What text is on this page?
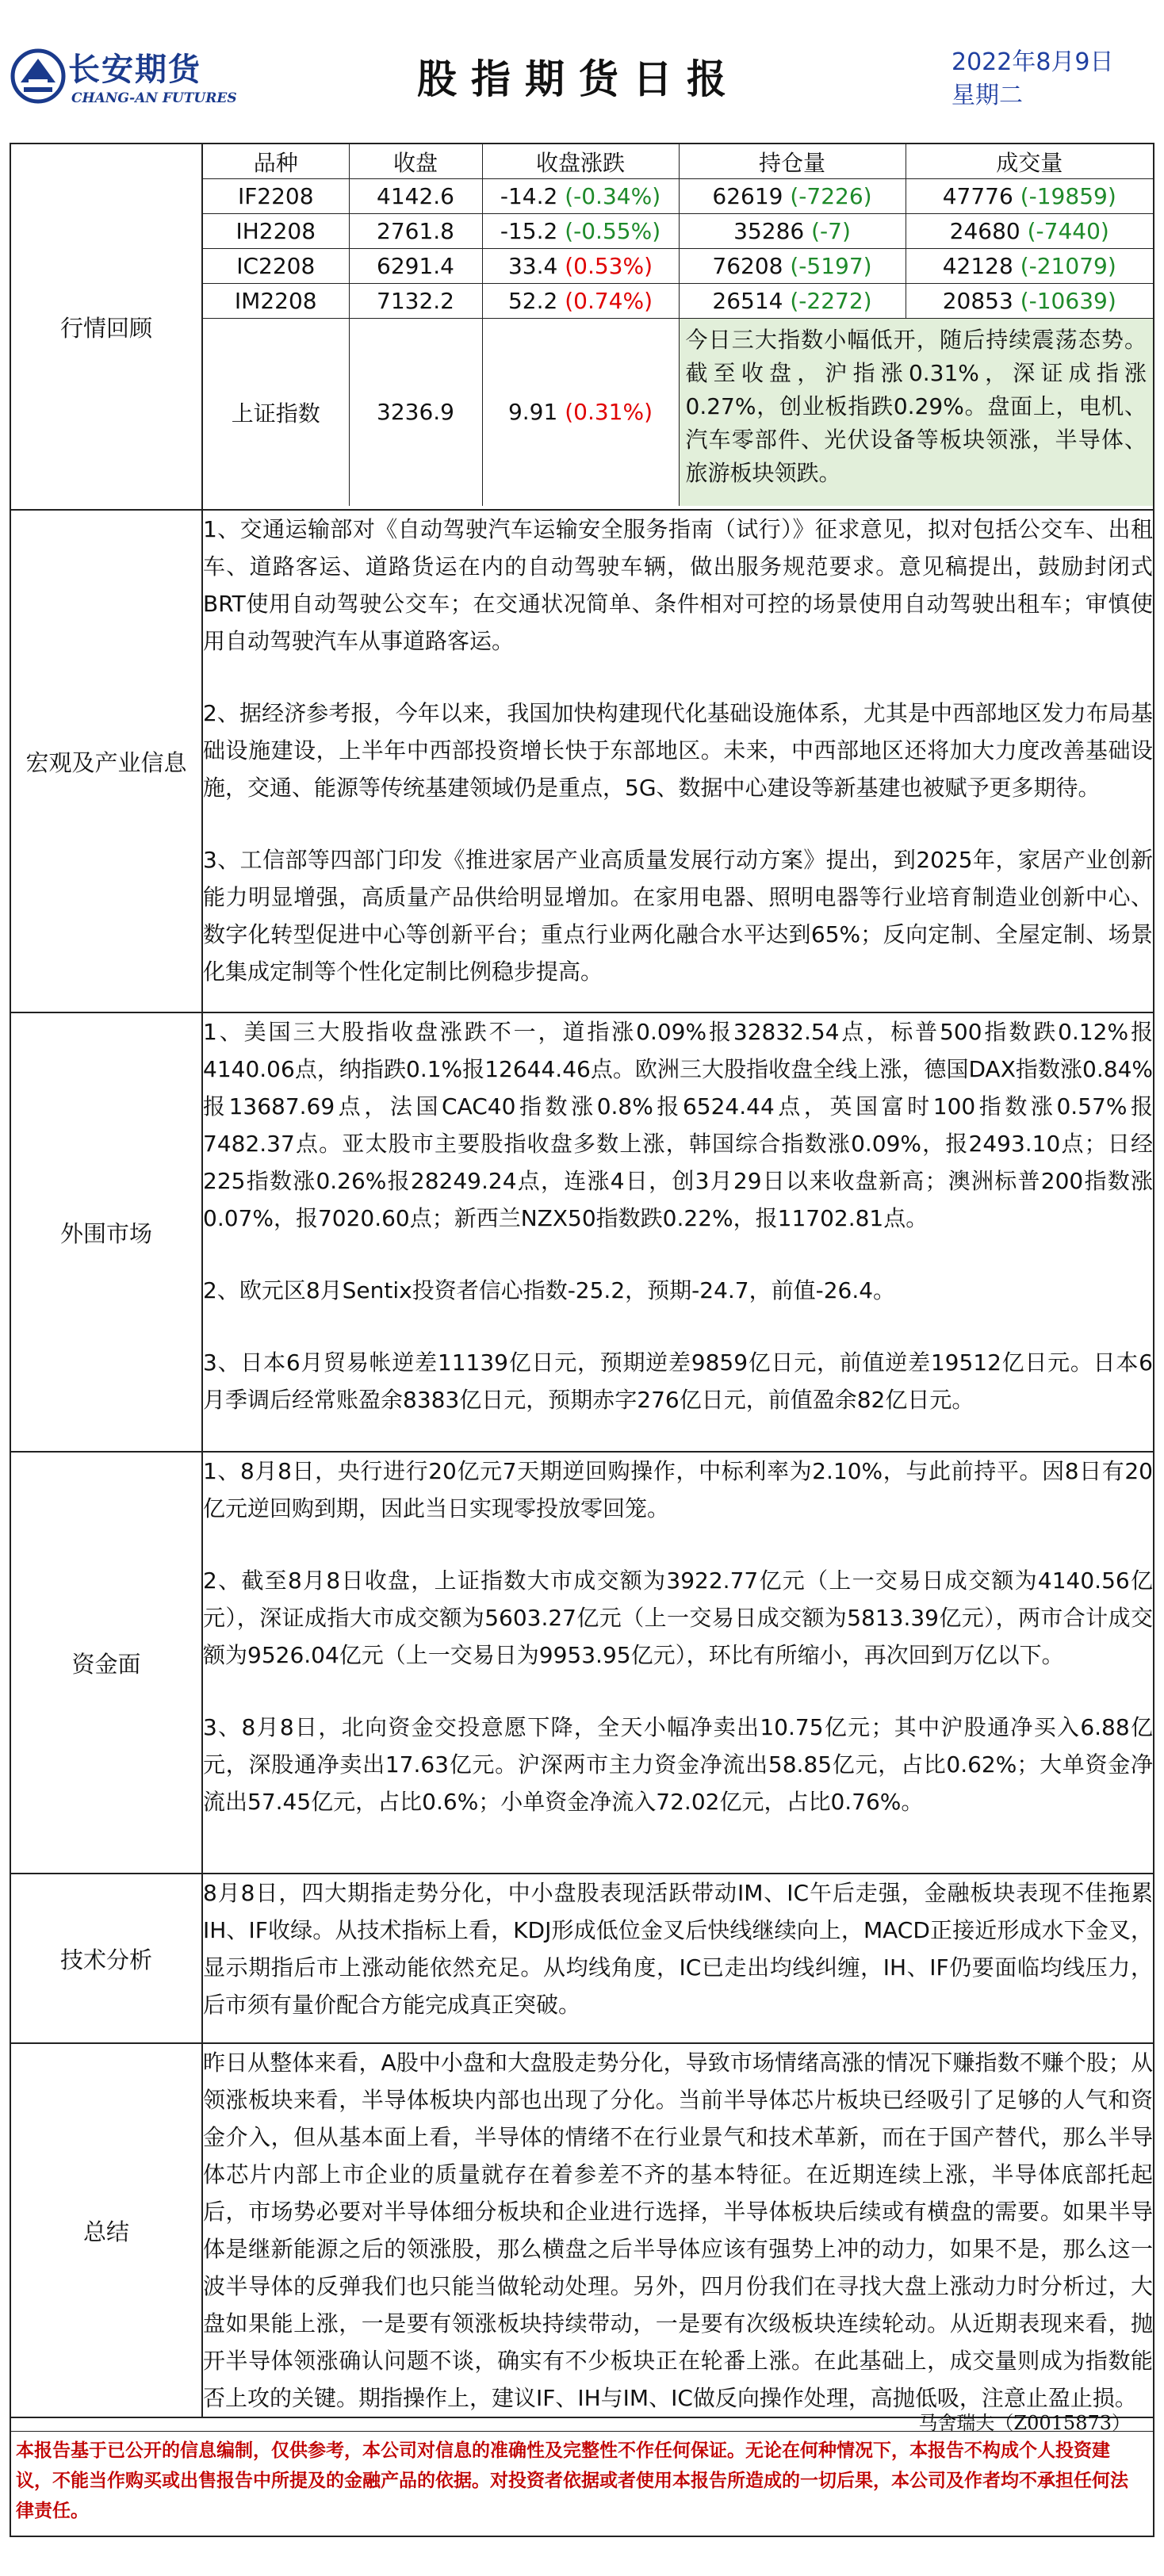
长安期货
CHANG-AN FUTURES	股指期货日报	2022年8月9日
星期二
行情回顾	
品种	收盘	收盘涨跌	持仓量	成交量
IF2208	4142.6	-14.2 (-0.34%)	62619 (-7226)	47776 (-19859)
IH2208	2761.8	-15.2 (-0.55%)	35286 (-7)	24680 (-7440)
IC2208	6291.4	33.4 (0.53%)	76208 (-5197)	42128 (-21079)
IM2208	7132.2	52.2 (0.74%)	26514 (-2272)	20853 (-10639)
上证指数	3236.9	9.91 (0.31%)	今日三大指数小幅低开，随后持续震荡态势。截至收盘，沪指涨0.31%，深证成指涨0.27%，创业板指跌0.29%。盘面上，电机、汽车零部件、光伏设备等板块领涨，半导体、旅游板块领跌。

宏观及产业信息	

1、交通运输部对《自动驾驶汽车运输安全服务指南（试行）》征求意见，拟对包括公交车、出租车、道路客运、道路货运在内的自动驾驶车辆，做出服务规范要求。意见稿提出，鼓励封闭式BRT使用自动驾驶公交车；在交通状况简单、条件相对可控的场景使用自动驾驶出租车；审慎使用自动驾驶汽车从事道路客运。

2、据经济参考报，今年以来，我国加快构建现代化基础设施体系，尤其是中西部地区发力布局基础设施建设，上半年中西部投资增长快于东部地区。未来，中西部地区还将加大力度改善基础设施，交通、能源等传统基建领域仍是重点，5G、数据中心建设等新基建也被赋予更多期待。

3、工信部等四部门印发《推进家居产业高质量发展行动方案》提出，到2025年，家居产业创新能力明显增强，高质量产品供给明显增加。在家用电器、照明电器等行业培育制造业创新中心、数字化转型促进中心等创新平台；重点行业两化融合水平达到65%；反向定制、全屋定制、场景化集成定制等个性化定制比例稳步提高。

外围市场	

1、美国三大股指收盘涨跌不一，道指涨0.09%报32832.54点，标普500指数跌0.12%报4140.06点，纳指跌0.1%报12644.46点。欧洲三大股指收盘全线上涨，德国DAX指数涨0.84%报13687.69点，法国CAC40指数涨0.8%报6524.44点，英国富时100指数涨0.57%报7482.37点。亚太股市主要股指收盘多数上涨，韩国综合指数涨0.09%，报2493.10点；日经225指数涨0.26%报28249.24点，连涨4日，创3月29日以来收盘新高；澳洲标普200指数涨0.07%，报7020.60点；新西兰NZX50指数跌0.22%，报11702.81点。

2、欧元区8月Sentix投资者信心指数-25.2，预期-24.7，前值-26.4。

3、日本6月贸易帐逆差11139亿日元，预期逆差9859亿日元，前值逆差19512亿日元。日本6月季调后经常账盈余8383亿日元，预期赤字276亿日元，前值盈余82亿日元。

资金面	

1、8月8日，央行进行20亿元7天期逆回购操作，中标利率为2.10%，与此前持平。因8日有20亿元逆回购到期，因此当日实现零投放零回笼。

2、截至8月8日收盘，上证指数大市成交额为3922.77亿元（上一交易日成交额为4140.56亿元），深证成指大市成交额为5603.27亿元（上一交易日成交额为5813.39亿元），两市合计成交额为9526.04亿元（上一交易日为9953.95亿元），环比有所缩小，再次回到万亿以下。

3、8月8日，北向资金交投意愿下降，全天小幅净卖出10.75亿元；其中沪股通净买入6.88亿元，深股通净卖出17.63亿元。沪深两市主力资金净流出58.85亿元，占比0.62%；大单资金净流出57.45亿元，占比0.6%；小单资金净流入72.02亿元，占比0.76%。

技术分析	

8月8日，四大期指走势分化，中小盘股表现活跃带动IM、IC午后走强，金融板块表现不佳拖累IH、IF收绿。从技术指标上看，KDJ形成低位金叉后快线继续向上，MACD正接近形成水下金叉，显示期指后市上涨动能依然充足。从均线角度，IC已走出均线纠缠，IH、IF仍要面临均线压力，后市须有量价配合方能完成真正突破。

总结	

昨日从整体来看，A股中小盘和大盘股走势分化，导致市场情绪高涨的情况下赚指数不赚个股；从领涨板块来看，半导体板块内部也出现了分化。当前半导体芯片板块已经吸引了足够的人气和资金介入，但从基本面上看，半导体的情绪不在行业景气和技术革新，而在于国产替代，那么半导体芯片内部上市企业的质量就存在着参差不齐的基本特征。在近期连续上涨，半导体底部托起后，市场势必要对半导体细分板块和企业进行选择，半导体板块后续或有横盘的需要。如果半导体是继新能源之后的领涨股，那么横盘之后半导体应该有强势上冲的动力，如果不是，那么这一波半导体的反弹我们也只能当做轮动处理。另外，四月份我们在寻找大盘上涨动力时分析过，大盘如果能上涨，一是要有领涨板块持续带动，一是要有次级板块连续轮动。从近期表现来看，抛开半导体领涨确认问题不谈，确实有不少板块正在轮番上涨。在此基础上，成交量则成为指数能否上攻的关键。期指操作上，建议IF、IH与IM、IC做反向操作处理，高抛低吸，注意止盈止损。

马舍瑞夫（Z0015873）
本报告基于已公开的信息编制，仅供参考，本公司对信息的准确性及完整性不作任何保证。无论在何种情况下，本报告不构成个人投资建议，不能当作购买或出售报告中所提及的金融产品的依据。对投资者依据或者使用本报告所造成的一切后果，本公司及作者均不承担任何法律责任。
